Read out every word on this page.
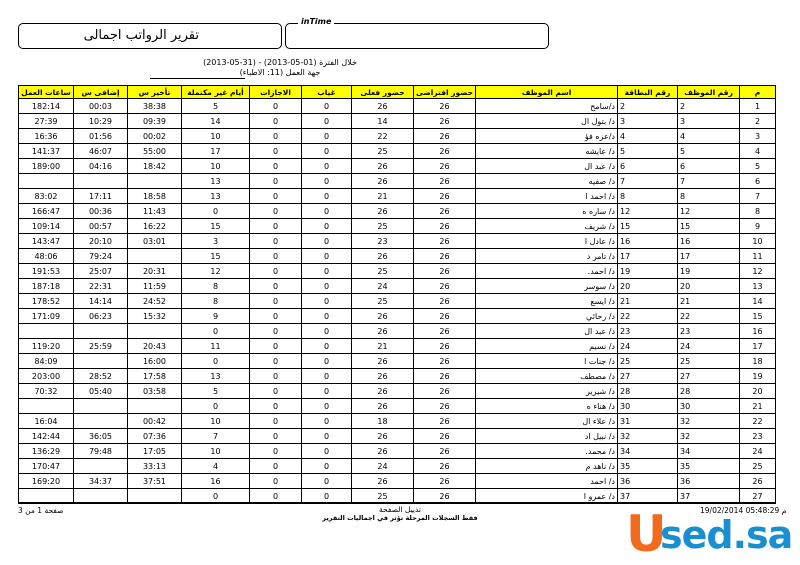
تقرير الرواتب اجمالى
inTime
خلال الفترة (01-05-2013) - (31-05-2013)
جهة العمل (11: الاطباء)
م	رقم الموظف	رقم البطاقة	اسم الموظف	حضور افتراضى	حضور فعلى	غياب	الاجازات	أيام غير مكتملة	تأخير س	إضافى س	ساعات العمل
1	2	2	د/سامح	26	26	0	0	5	38:38	00:03	182:14
2	3	3	د/ بتول ال	26	14	0	0	14	09:39	10:29	27:39
3	4	4	د/عزه فؤ	26	22	0	0	10	00:02	01:56	16:36
4	5	5	د/ عايشه	26	25	0	0	17	55:00	46:07	141:37
5	6	6	د/ عبد ال	26	26	0	0	10	18:42	04:16	189:00
6	7	7	د/ صفيه	26	26	0	0	13			
7	8	8	د/ احمد ا	26	21	0	0	13	18:58	17:11	83:02
8	12	12	د/ ساره ه	26	26	0	0	0	11:43	00:36	166:47
9	15	15	د/ شريف	26	25	0	0	15	16:22	00:57	109:14
10	16	16	د/ عادل ا	26	23	0	0	3	03:01	20:10	143:47
11	17	17	د/ تامر د	26	26	0	0	15		79:24	48:06
12	19	19	د/ احمد.	26	25	0	0	12	20:31	25:07	191:53
13	20	20	د/ سوسر	26	24	0	0	8	11:59	22:31	187:18
14	21	21	د/ ايسع	26	25	0	0	8	24:52	14:14	178:52
15	22	22	د/ رحائي	26	26	0	0	9	15:32	06:23	171:09
16	23	23	د/ عبد ال	26	26	0	0	0			
17	24	24	د/ نسيم	26	21	0	0	11	20:43	25:59	119:20
18	25	25	د/ جنات ا	26	26	0	0	0	16:00		84:09
19	27	27	د/ مصطف	26	26	0	0	13	17:58	28:52	203:00
20	28	28	د/ شيرير	26	26	0	0	5	03:58	05:40	70:32
21	30	30	د/ هناء ه	26	26	0	0	0			
22	32	31	د/ علاء ال	26	18	0	0	10	00:42		16:04
23	32	32	د/ نبيل اد	26	26	0	0	7	07:36	36:05	142:44
24	34	34	د/ محمد.	26	26	0	0	10	17:05	79:48	136:29
25	35	35	د/ ناهد م	26	24	0	0	4	33:13		170:47
26	36	36	د/ احمد	26	26	0	0	16	37:51	34:37	169:20
27	37	37	د/ عمرو ا	26	25	0	0	0			
صفحة 1 من 3	تذييل الصفحة
فقط السجلات المرحلة تؤثر في اجماليات التقرير
19/02/2014 05:48:29 م
U
sed.sa
